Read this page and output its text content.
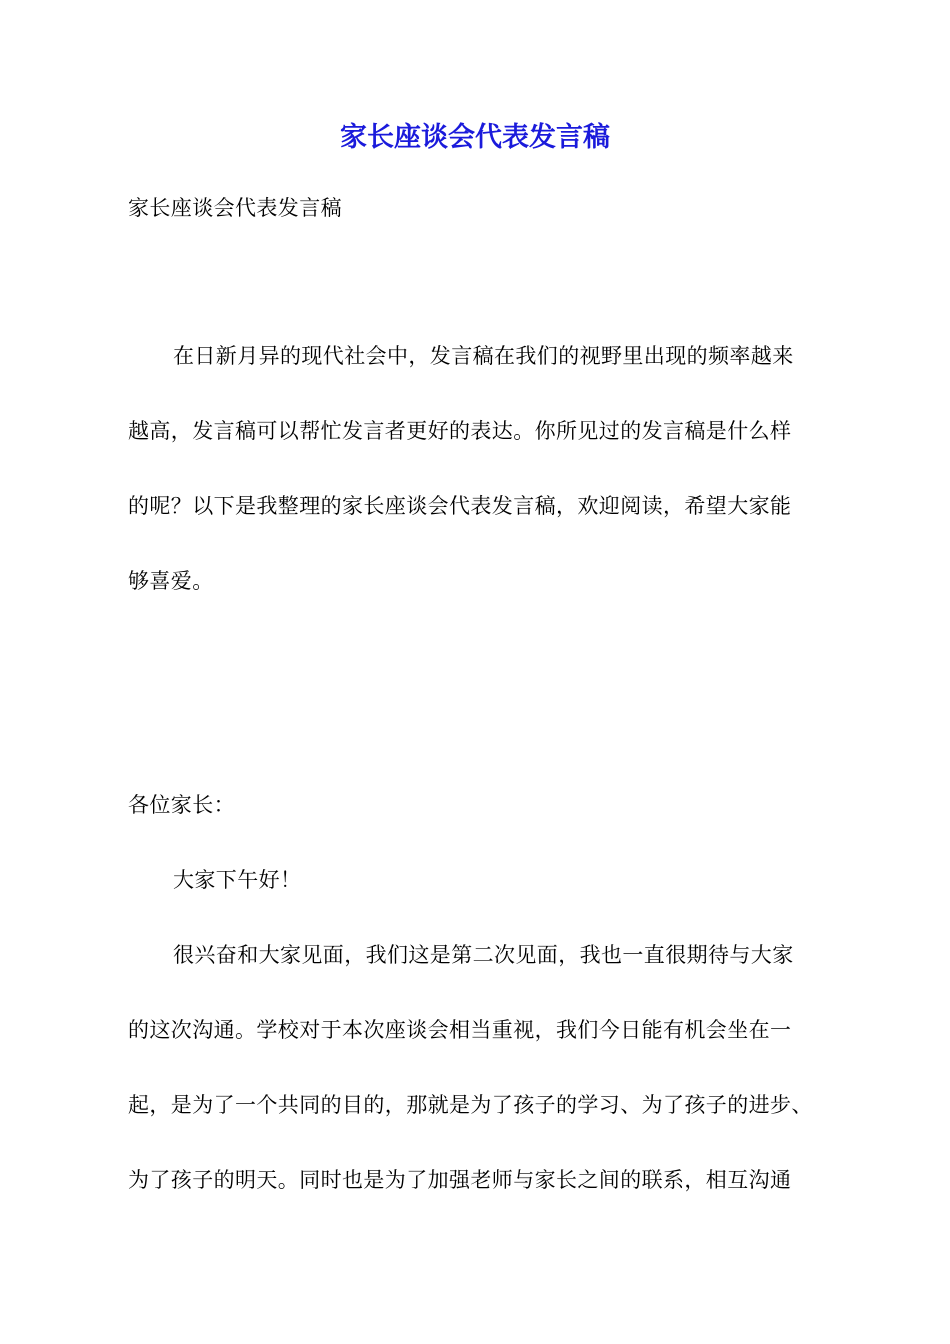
家长座谈会代表发言稿
家长座谈会代表发言稿
在日新月异的现代社会中，发言稿在我们的视野里出现的频率越来
越高，发言稿可以帮忙发言者更好的表达。你所见过的发言稿是什么样
的呢？以下是我整理的家长座谈会代表发言稿，欢迎阅读，希望大家能
够喜爱。
各位家长：
大家下午好！
很兴奋和大家见面，我们这是第二次见面，我也一直很期待与大家
的这次沟通。学校对于本次座谈会相当重视，我们今日能有机会坐在一
起，是为了一个共同的目的，那就是为了孩子的学习、为了孩子的进步、
为了孩子的明天。同时也是为了加强老师与家长之间的联系，相互沟通
